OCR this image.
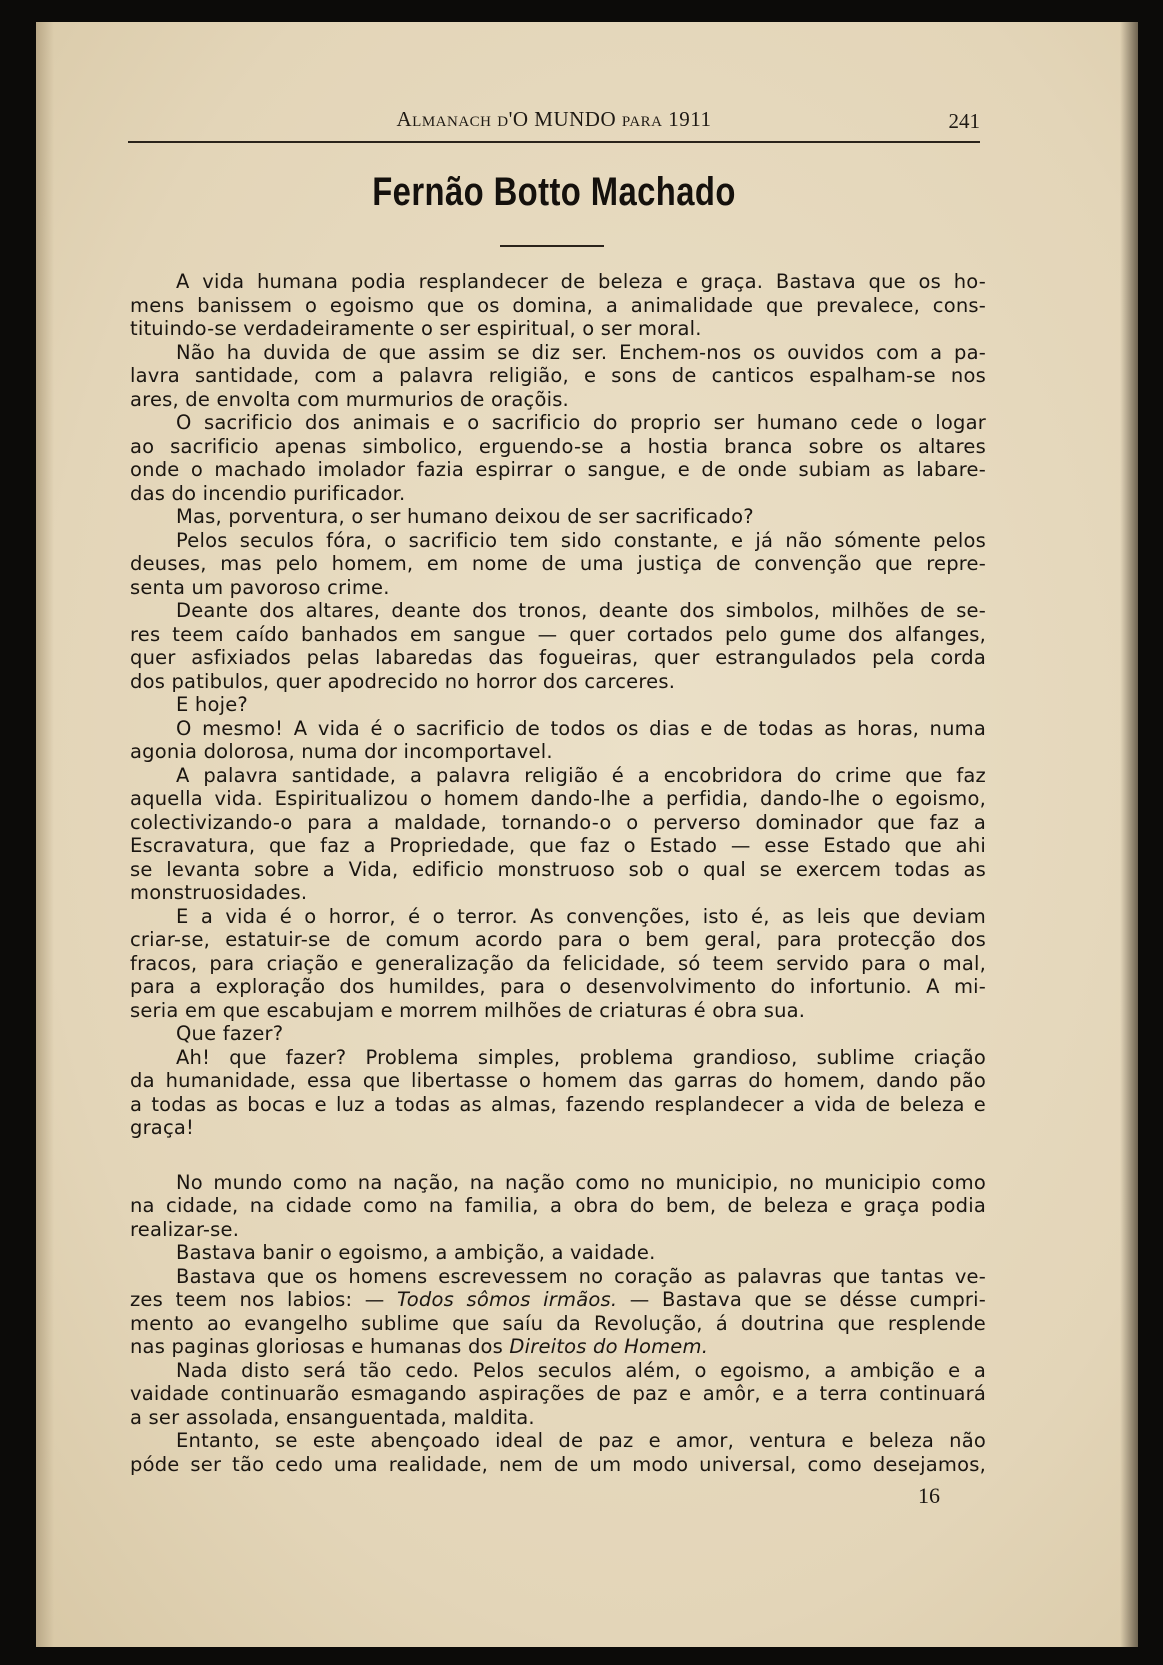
Almanach d'O MUNDO para 1911	241
Fernão Botto Machado
A vida humana podia resplandecer de beleza e graça. Bastava que os ho-
mens banissem o egoismo que os domina, a animalidade que prevalece, cons-
tituindo-se verdadeiramente o ser espiritual, o ser moral.
Não ha duvida de que assim se diz ser. Enchem-nos os ouvidos com a pa-
lavra santidade, com a palavra religião, e sons de canticos espalham-se nos
ares, de envolta com murmurios de oraçõis.
O sacrificio dos animais e o sacrificio do proprio ser humano cede o logar
ao sacrificio apenas simbolico, erguendo-se a hostia branca sobre os altares
onde o machado imolador fazia espirrar o sangue, e de onde subiam as labare-
das do incendio purificador.
Mas, porventura, o ser humano deixou de ser sacrificado?
Pelos seculos fóra, o sacrificio tem sido constante, e já não sómente pelos
deuses, mas pelo homem, em nome de uma justiça de convenção que repre-
senta um pavoroso crime.
Deante dos altares, deante dos tronos, deante dos simbolos, milhões de se-
res teem caído banhados em sangue — quer cortados pelo gume dos alfanges,
quer asfixiados pelas labaredas das fogueiras, quer estrangulados pela corda
dos patibulos, quer apodrecido no horror dos carceres.
E hoje?
O mesmo! A vida é o sacrificio de todos os dias e de todas as horas, numa
agonia dolorosa, numa dor incomportavel.
A palavra santidade, a palavra religião é a encobridora do crime que faz
aquella vida. Espiritualizou o homem dando-lhe a perfidia, dando-lhe o egoismo,
colectivizando-o para a maldade, tornando-o o perverso dominador que faz a
Escravatura, que faz a Propriedade, que faz o Estado — esse Estado que ahi
se levanta sobre a Vida, edificio monstruoso sob o qual se exercem todas as
monstruosidades.
E a vida é o horror, é o terror. As convenções, isto é, as leis que deviam
criar-se, estatuir-se de comum acordo para o bem geral, para protecção dos
fracos, para criação e generalização da felicidade, só teem servido para o mal,
para a exploração dos humildes, para o desenvolvimento do infortunio. A mi-
seria em que escabujam e morrem milhões de criaturas é obra sua.
Que fazer?
Ah! que fazer? Problema simples, problema grandioso, sublime criação
da humanidade, essa que libertasse o homem das garras do homem, dando pão
a todas as bocas e luz a todas as almas, fazendo resplandecer a vida de beleza e
graça!
No mundo como na nação, na nação como no municipio, no municipio como
na cidade, na cidade como na familia, a obra do bem, de beleza e graça podia
realizar-se.
Bastava banir o egoismo, a ambição, a vaidade.
Bastava que os homens escrevessem no coração as palavras que tantas ve-
zes teem nos labios: — Todos sômos irmãos. — Bastava que se désse cumpri-
mento ao evangelho sublime que saíu da Revolução, á doutrina que resplende
nas paginas gloriosas e humanas dos Direitos do Homem.
Nada disto será tão cedo. Pelos seculos além, o egoismo, a ambição e a
vaidade continuarão esmagando aspirações de paz e amôr, e a terra continuará
a ser assolada, ensanguentada, maldita.
Entanto, se este abençoado ideal de paz e amor, ventura e beleza não
póde ser tão cedo uma realidade, nem de um modo universal, como desejamos,
16
